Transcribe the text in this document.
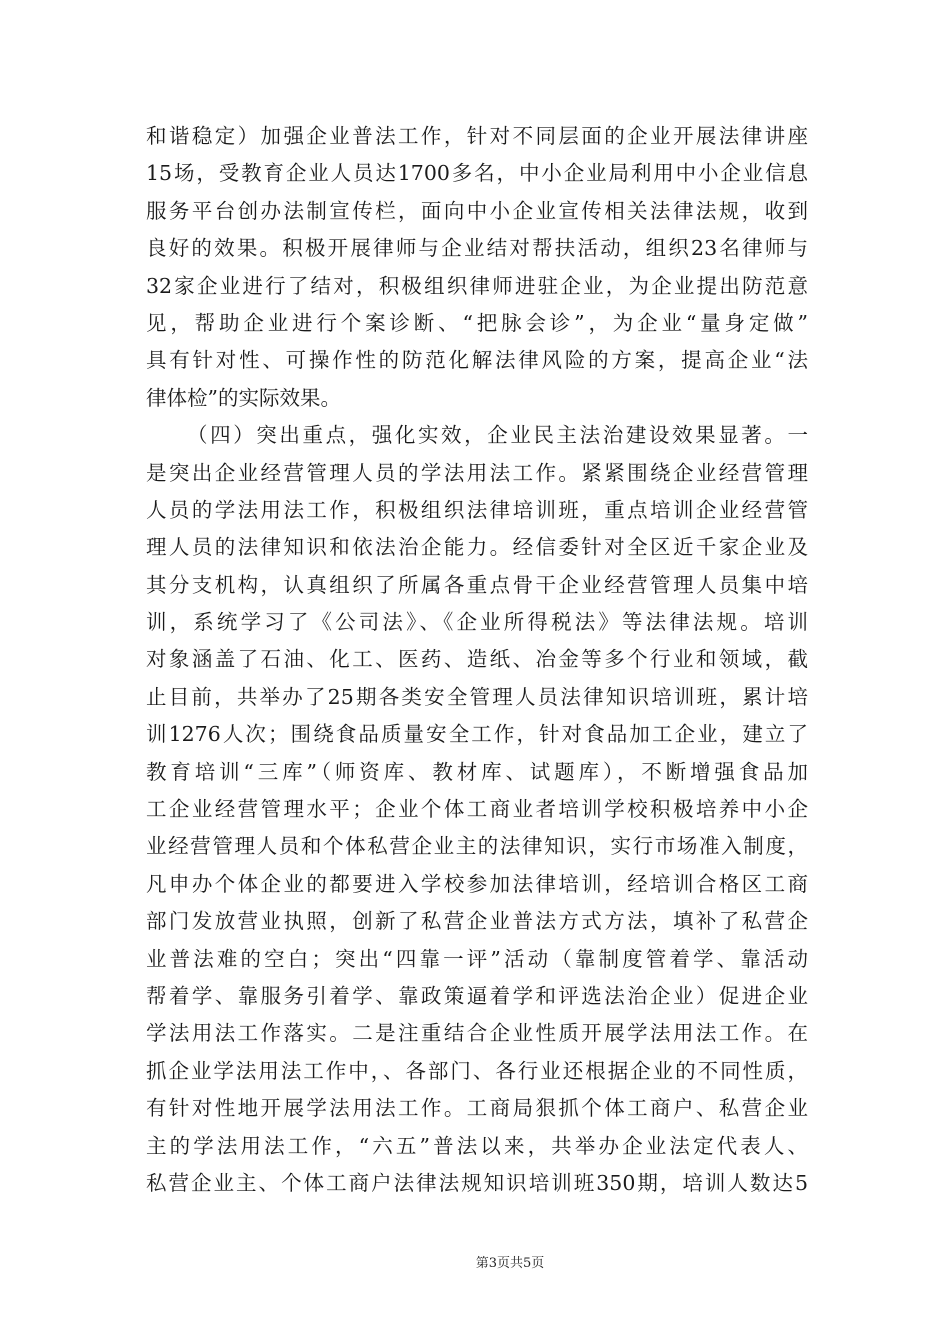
和谐稳定）加强企业普法工作，针对不同层面的企业开展法律讲座
15场，受教育企业人员达1700多名，中小企业局利用中小企业信息
服务平台创办法制宣传栏，面向中小企业宣传相关法律法规，收到
良好的效果。积极开展律师与企业结对帮扶活动，组织23名律师与
32家企业进行了结对，积极组织律师进驻企业，为企业提出防范意
见，帮助企业进行个案诊断、“把脉会诊”，为企业“量身定做”
具有针对性、可操作性的防范化解法律风险的方案，提高企业“法
律体检”的实际效果。
（四）突出重点，强化实效，企业民主法治建设效果显著。一
是突出企业经营管理人员的学法用法工作。紧紧围绕企业经营管理
人员的学法用法工作，积极组织法律培训班，重点培训企业经营管
理人员的法律知识和依法治企能力。经信委针对全区近千家企业及
其分支机构，认真组织了所属各重点骨干企业经营管理人员集中培
训，系统学习了《公司法》、《企业所得税法》等法律法规。培训
对象涵盖了石油、化工、医药、造纸、冶金等多个行业和领域，截
止目前，共举办了25期各类安全管理人员法律知识培训班，累计培
训1276人次；围绕食品质量安全工作，针对食品加工企业，建立了
教育培训“三库”（师资库、教材库、试题库），不断增强食品加
工企业经营管理水平；企业个体工商业者培训学校积极培养中小企
业经营管理人员和个体私营企业主的法律知识，实行市场准入制度，
凡申办个体企业的都要进入学校参加法律培训，经培训合格区工商
部门发放营业执照，创新了私营企业普法方式方法，填补了私营企
业普法难的空白；突出“四靠一评”活动（靠制度管着学、靠活动
帮着学、靠服务引着学、靠政策逼着学和评选法治企业）促进企业
学法用法工作落实。二是注重结合企业性质开展学法用法工作。在
抓企业学法用法工作中，、各部门、各行业还根据企业的不同性质，
有针对性地开展学法用法工作。工商局狠抓个体工商户、私营企业
主的学法用法工作，“六五”普法以来，共举办企业法定代表人、
私营企业主、个体工商户法律法规知识培训班350期，培训人数达5
第3页共5页
